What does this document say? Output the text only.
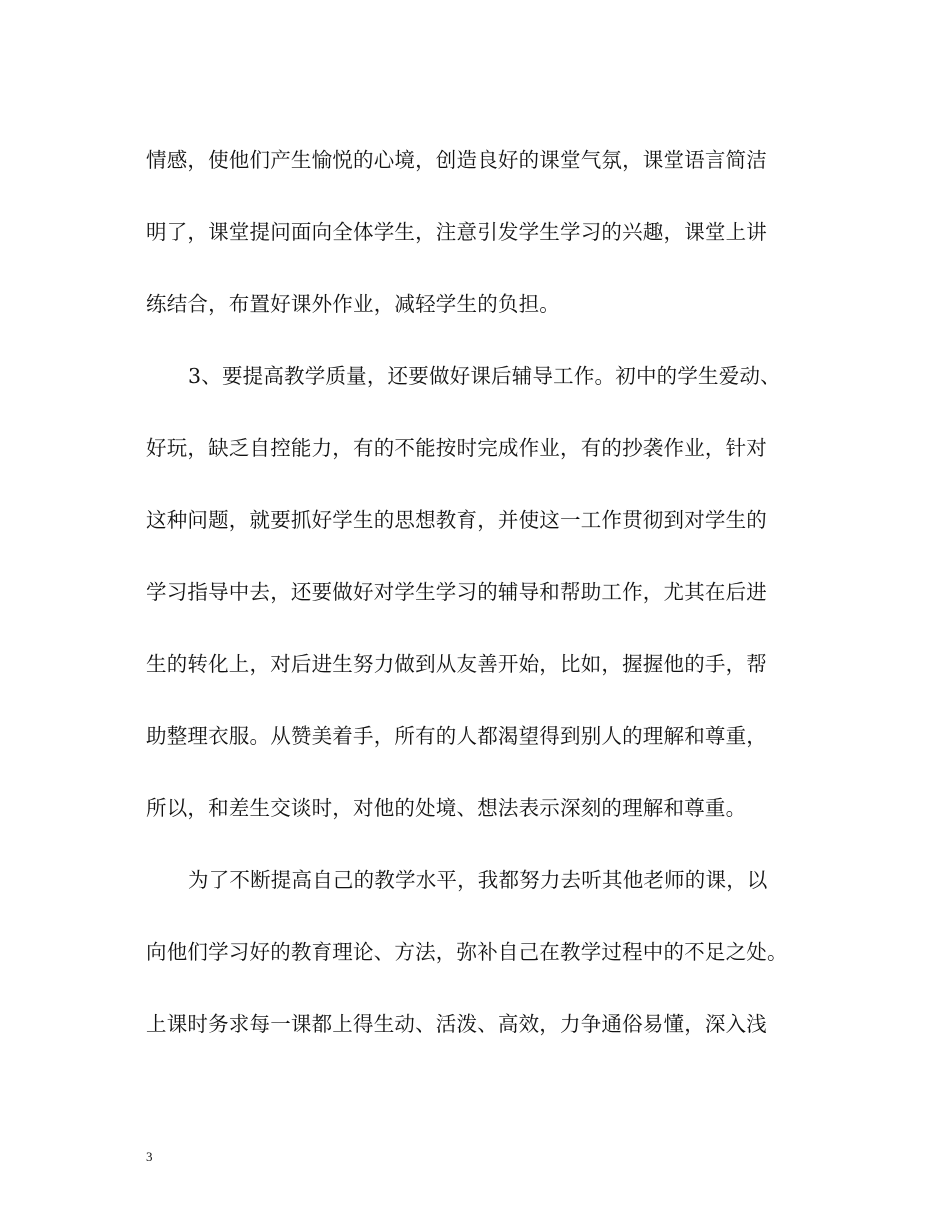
情感，使他们产生愉悦的心境，创造良好的课堂气氛，课堂语言简洁
明了，课堂提问面向全体学生，注意引发学生学习的兴趣，课堂上讲
练结合，布置好课外作业，减轻学生的负担。
3、要提高教学质量，还要做好课后辅导工作。初中的学生爱动、
好玩，缺乏自控能力，有的不能按时完成作业，有的抄袭作业，针对
这种问题，就要抓好学生的思想教育，并使这一工作贯彻到对学生的
学习指导中去，还要做好对学生学习的辅导和帮助工作，尤其在后进
生的转化上，对后进生努力做到从友善开始，比如，握握他的手，帮
助整理衣服。从赞美着手，所有的人都渴望得到别人的理解和尊重，
所以，和差生交谈时，对他的处境、想法表示深刻的理解和尊重。
为了不断提高自己的教学水平，我都努力去听其他老师的课，以
向他们学习好的教育理论、方法，弥补自己在教学过程中的不足之处。
上课时务求每一课都上得生动、活泼、高效，力争通俗易懂，深入浅
3
